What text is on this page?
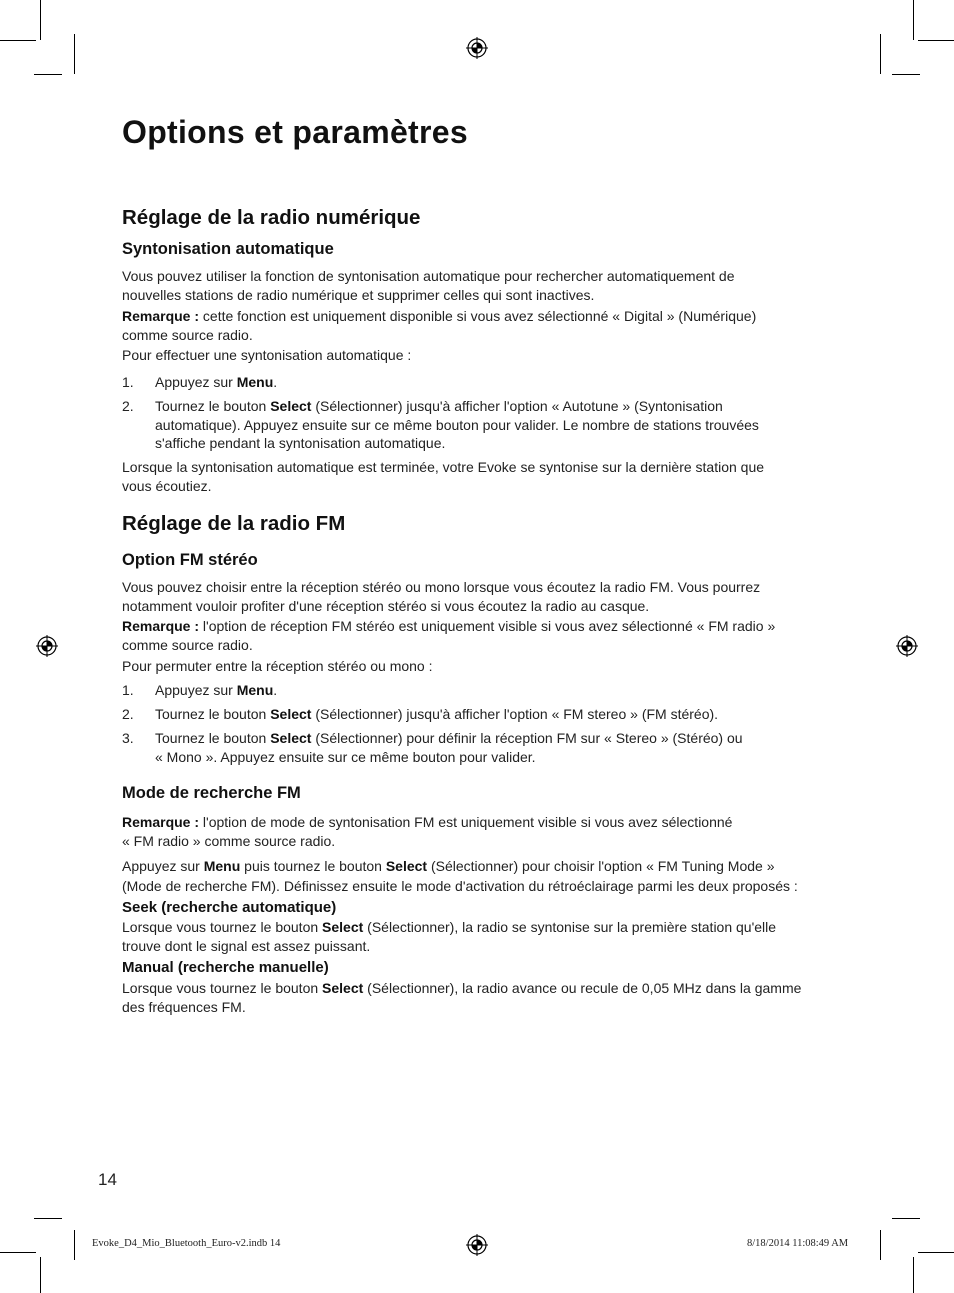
Options et paramètres
Réglage de la radio numérique
Syntonisation automatique

Vous pouvez utiliser la fonction de syntonisation automatique pour rechercher automatiquement de
nouvelles stations de radio numérique et supprimer celles qui sont inactives.

Remarque : cette fonction est uniquement disponible si vous avez sélectionné « Digital » (Numérique)
comme source radio.

Pour effectuer une syntonisation automatique :

1. Appuyez sur Menu.
2. Tournez le bouton Select (Sélectionner) jusqu'à afficher l'option « Autotune » (Syntonisation
automatique). Appuyez ensuite sur ce même bouton pour valider. Le nombre de stations trouvées
s'affiche pendant la syntonisation automatique.

Lorsque la syntonisation automatique est terminée, votre Evoke se syntonise sur la dernière station que
vous écoutiez.

Réglage de la radio FM
Option FM stéréo

Vous pouvez choisir entre la réception stéréo ou mono lorsque vous écoutez la radio FM. Vous pourrez
notamment vouloir profiter d'une réception stéréo si vous écoutez la radio au casque.

Remarque : l'option de réception FM stéréo est uniquement visible si vous avez sélectionné « FM radio »
comme source radio.

Pour permuter entre la réception stéréo ou mono :

1. Appuyez sur Menu.
2. Tournez le bouton Select (Sélectionner) jusqu'à afficher l'option « FM stereo » (FM stéréo).
3. Tournez le bouton Select (Sélectionner) pour définir la réception FM sur « Stereo » (Stéréo) ou
« Mono ». Appuyez ensuite sur ce même bouton pour valider.
Mode de recherche FM

Remarque : l'option de mode de syntonisation FM est uniquement visible si vous avez sélectionné
« FM radio » comme source radio.

Appuyez sur Menu puis tournez le bouton Select (Sélectionner) pour choisir l'option « FM Tuning Mode »
(Mode de recherche FM). Définissez ensuite le mode d'activation du rétroéclairage parmi les deux proposés :

Seek (recherche automatique)

Lorsque vous tournez le bouton Select (Sélectionner), la radio se syntonise sur la première station qu'elle
trouve dont le signal est assez puissant.

Manual (recherche manuelle)

Lorsque vous tournez le bouton Select (Sélectionner), la radio avance ou recule de 0,05 MHz dans la gamme
des fréquences FM.

14
Evoke_D4_Mio_Bluetooth_Euro-v2.indb 14	8/18/2014 11:08:49 AM
